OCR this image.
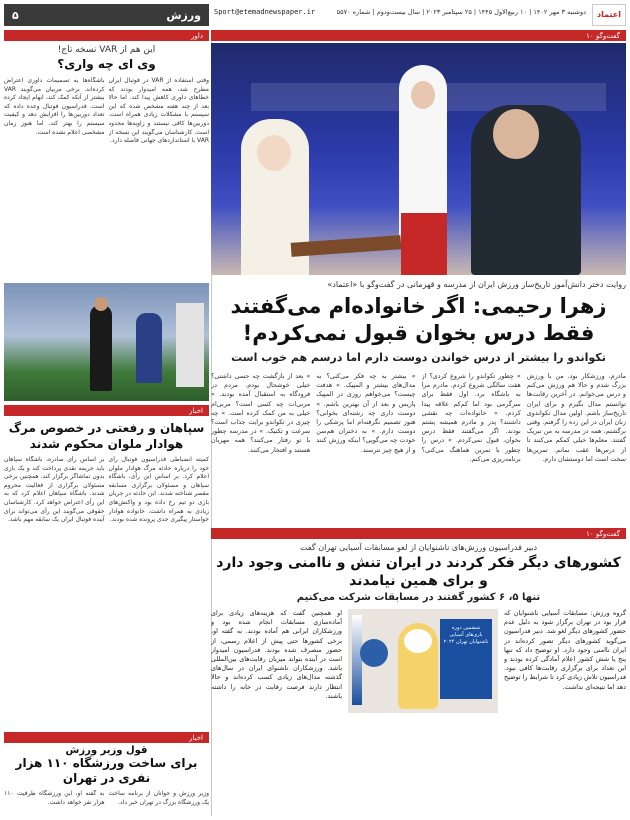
اعتماد
دوشنبه ۳ مهر ۱۴۰۲ | ۱۰ ربیع‌الاول ۱۴۴۵ | ۲۵ سپتامبر ۲۰۲۳ | سال بیست‌ودوم | شماره ۵۵۷۰
Sport@etemadnewspaper.ir
ورزش
۵
گفت‌وگو ۱۰
روایت دختر دانش‌آموز تاریخ‌ساز ورزش ایران از مدرسه و قهرمانی در گفت‌وگو با «اعتماد»
زهرا رحیمی: اگر خانواده‌ام می‌گفتند فقط درس بخوان قبول نمی‌کردم!
تکواندو را بیشتر از درس خواندن دوست دارم اما درسم هم خوب است
مادرم، ورزشکار بود. من با ورزش بزرگ شدم و حالا هم ورزش می‌کنم و درس می‌خوانم. در آخرین رقابت‌ها توانستم مدال بگیرم و برای ایران تاریخ‌ساز باشم. اولین مدال تکواندوی زنان ایران در این رده را گرفتم. وقتی برگشتم، همه در مدرسه به من تبریک گفتند. معلم‌ها خیلی کمکم می‌کنند تا از درس‌ها عقب نمانم. تمرین‌ها سخت است اما دوستشان دارم.
» چطور تکواندو را شروع کردی؟ از هفت سالگی شروع کردم. مادرم مرا به باشگاه برد. اول فقط برای سرگرمی بود اما کم‌کم علاقه پیدا کردم. » خانواده‌ات چه نقشی داشتند؟ پدر و مادرم همیشه پشتم بودند. اگر می‌گفتند فقط درس بخوان، قبول نمی‌کردم. » درس را چطور با تمرین هماهنگ می‌کنی؟ برنامه‌ریزی می‌کنم.
» بیشتر به چه فکر می‌کنی؟ به مدال‌های بیشتر و المپیک. » هدفت چیست؟ می‌خواهم روزی در المپیک پاریس و بعد از آن بهترین باشم. » دوست داری چه رشته‌ای بخوانی؟ هنوز تصمیم نگرفته‌ام اما پزشکی را دوست دارم. » به دختران هم‌سن خودت چه می‌گویی؟ اینکه ورزش کنند و از هیچ چیز نترسند.
» بعد از بازگشت چه حسی داشتی؟ خیلی خوشحال بودم. مردم در فرودگاه به استقبال آمده بودند. » مربی‌ات چه کسی است؟ مربی‌ام خیلی به من کمک کرده است. » چه چیزی در تکواندو برایت جذاب است؟ سرعت و تکنیک. » در مدرسه چطور با تو رفتار می‌کنند؟ همه مهربان هستند و افتخار می‌کنند.
گفت‌وگو ۱۰
دبیر فدراسیون ورزش‌های ناشنوایان از لغو مسابقات آسیایی تهران گفت
کشورهای دیگر فکر کردند در ایران تنش و ناامنی وجود دارد و برای همین نیامدند
تنها ۵، ۶ کشور گفتند در مسابقات شرکت می‌کنیم
گروه ورزش: مسابقات آسیایی ناشنوایان که قرار بود در تهران برگزار شود به دلیل عدم حضور کشورهای دیگر لغو شد. دبیر فدراسیون می‌گوید کشورهای دیگر تصور کرده‌اند در ایران ناامنی وجود دارد. او توضیح داد که تنها پنج یا شش کشور اعلام آمادگی کرده بودند و این تعداد برای برگزاری رقابت‌ها کافی نبود. فدراسیون تلاش زیادی کرد تا شرایط را توضیح دهد اما نتیجه‌ای نداشت.
ششمین دوره بازی‌های آسیایی ناشنوایان تهران ۲۰۲۴
او همچنین گفت که هزینه‌های زیادی برای آماده‌سازی مسابقات انجام شده بود و ورزشکاران ایرانی هم آماده بودند. به گفته او، برخی کشورها حتی پیش از اعلام رسمی، از حضور منصرف شده بودند. فدراسیون امیدوار است در آینده بتواند میزبان رقابت‌های بین‌المللی باشد. ورزشکاران ناشنوای ایران در سال‌های گذشته مدال‌های زیادی کسب کرده‌اند و حالا انتظار دارند فرصت رقابت در خانه را داشته باشند.
داور
این هم از VAR نسخه تاج!
وی ای چه واری؟
وقتی استفاده از VAR در فوتبال ایران مطرح شد، همه امیدوار بودند که خطاهای داوری کاهش پیدا کند. اما حالا بعد از چند هفته مشخص شده که این سیستم با مشکلات زیادی همراه است. دوربین‌ها کافی نیستند و زاویه‌ها محدود است. کارشناسان می‌گویند این نسخه از VAR با استانداردهای جهانی فاصله دارد.
باشگاه‌ها به تصمیمات داوری اعتراض کرده‌اند. برخی مربیان می‌گویند VAR بیشتر از آنکه کمک کند، ابهام ایجاد کرده است. فدراسیون فوتبال وعده داده که تعداد دوربین‌ها را افزایش دهد و کیفیت سیستم را بهتر کند. اما هنوز زمان مشخصی اعلام نشده است.
اخبار
سپاهان و رفعتی در خصوص مرگ هوادار ملوان محکوم شدند
کمیته انضباطی فدراسیون فوتبال رأی خود را درباره حادثه مرگ هوادار ملوان اعلام کرد. بر اساس این رأی، باشگاه سپاهان و مسئولان برگزاری مسابقه مقصر شناخته شدند. این حادثه در جریان بازی دو تیم رخ داده بود و واکنش‌های زیادی به همراه داشت. خانواده هوادار خواستار پیگیری جدی پرونده شده بودند.
بر اساس رأی صادره، باشگاه سپاهان باید جریمه نقدی پرداخت کند و یک بازی بدون تماشاگر برگزار کند. همچنین برخی مسئولان برگزاری از فعالیت محروم شدند. باشگاه سپاهان اعلام کرد که به این رأی اعتراض خواهد کرد. کارشناسان حقوقی می‌گویند این رأی می‌تواند برای آینده فوتبال ایران یک سابقه مهم باشد.
اخبار
قول وزیر ورزش
برای ساخت ورزشگاه ۱۱۰ هزار نفری در تهران
وزیر ورزش و جوانان از برنامه ساخت یک ورزشگاه بزرگ در تهران خبر داد.
به گفته او، این ورزشگاه ظرفیت ۱۱۰ هزار نفر خواهد داشت.
